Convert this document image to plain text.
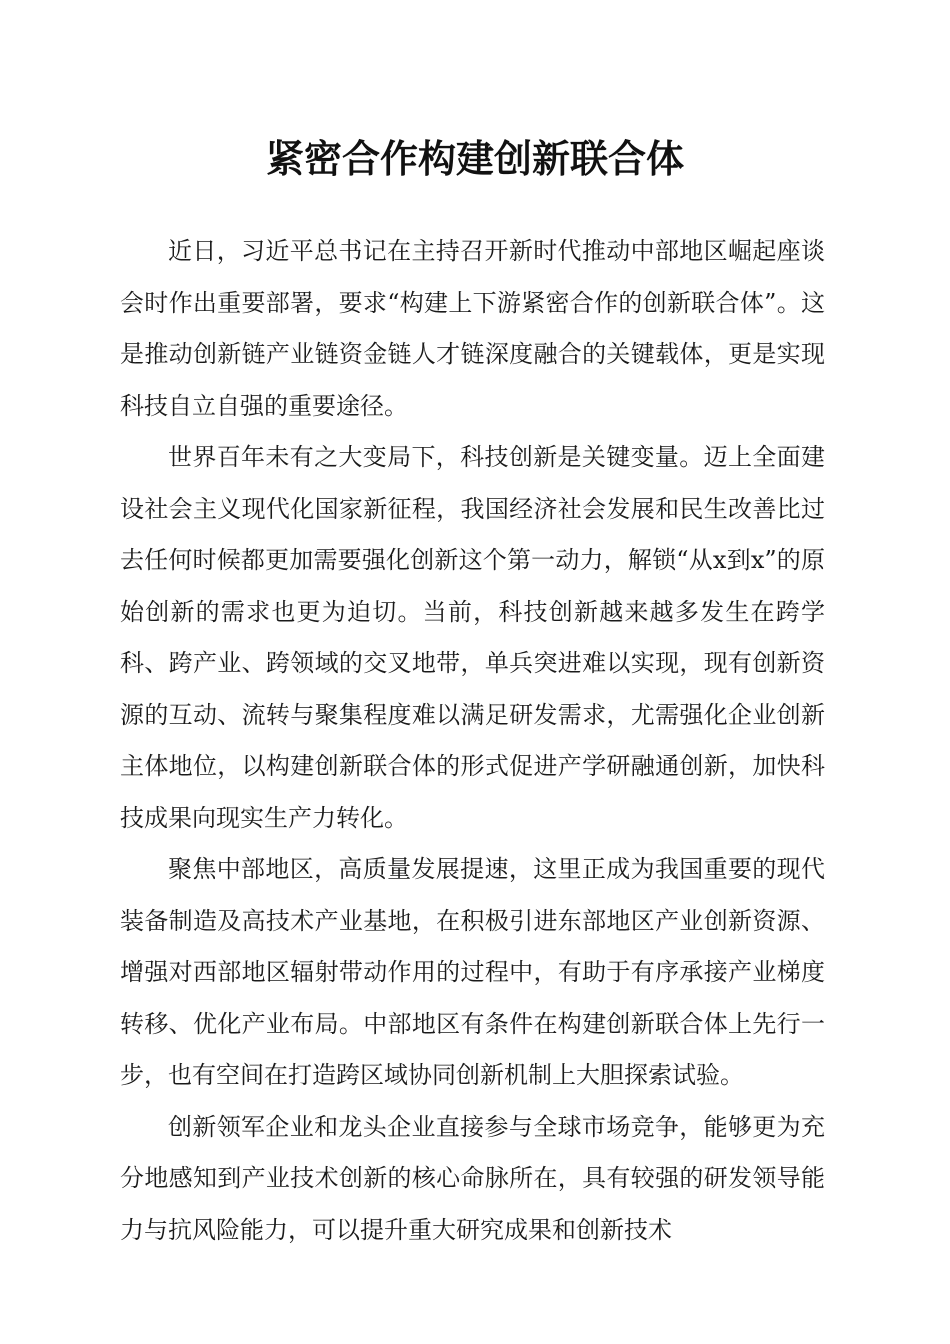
紧密合作构建创新联合体

近日，习近平总书记在主持召开新时代推动中部地区崛起座谈会时作出重要部署，要求“构建上下游紧密合作的创新联合体”。这是推动创新链产业链资金链人才链深度融合的关键载体，更是实现科技自立自强的重要途径。

世界百年未有之大变局下，科技创新是关键变量。迈上全面建设社会主义现代化国家新征程，我国经济社会发展和民生改善比过去任何时候都更加需要强化创新这个第一动力，解锁“从x到x”的原始创新的需求也更为迫切。当前，科技创新越来越多发生在跨学科、跨产业、跨领域的交叉地带，单兵突进难以实现，现有创新资源的互动、流转与聚集程度难以满足研发需求，尤需强化企业创新主体地位，以构建创新联合体的形式促进产学研融通创新，加快科技成果向现实生产力转化。

聚焦中部地区，高质量发展提速，这里正成为我国重要的现代装备制造及高技术产业基地，在积极引进东部地区产业创新资源、增强对西部地区辐射带动作用的过程中，有助于有序承接产业梯度转移、优化产业布局。中部地区有条件在构建创新联合体上先行一步，也有空间在打造跨区域协同创新机制上大胆探索试验。

创新领军企业和龙头企业直接参与全球市场竞争，能够更为充分地感知到产业技术创新的核心命脉所在，具有较强的研发领导能力与抗风险能力，可以提升重大研究成果和创新技术
